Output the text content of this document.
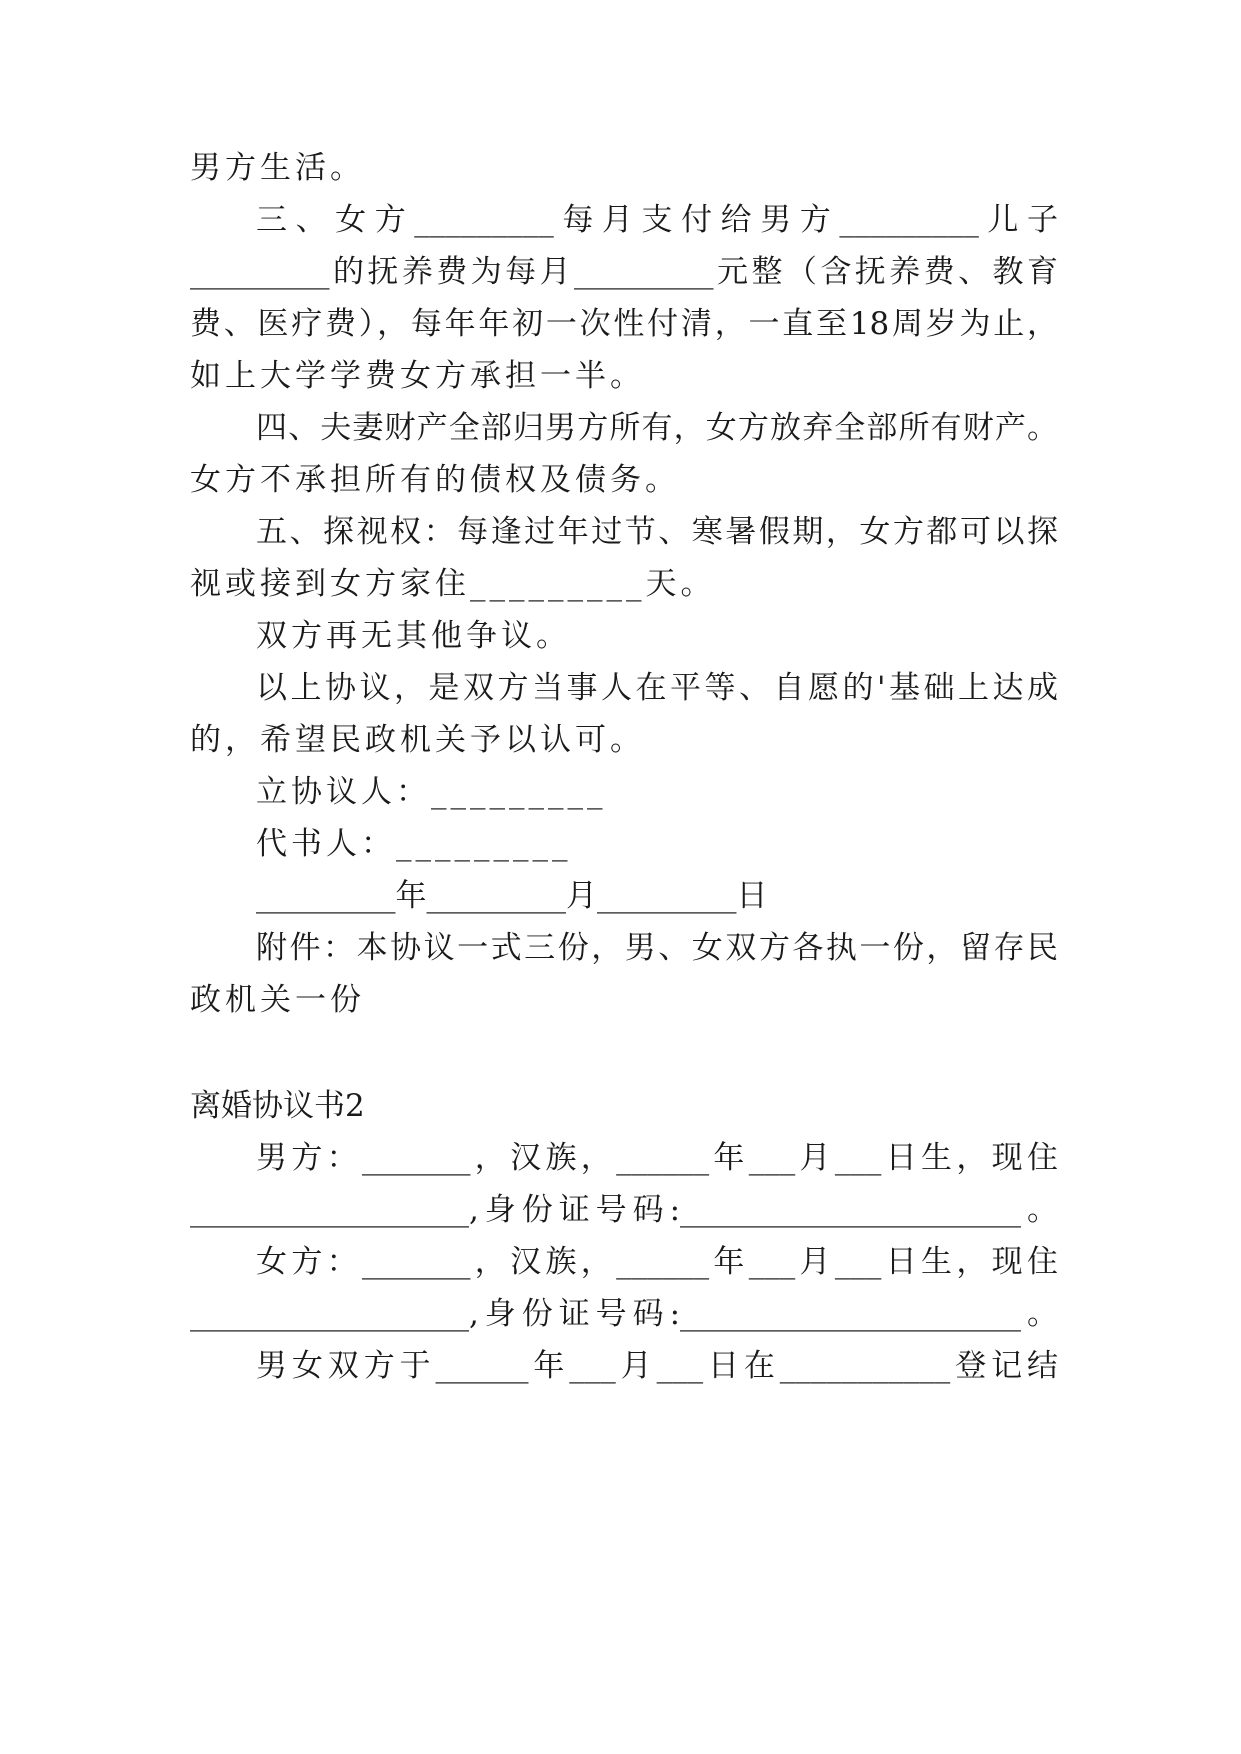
男方生活。

三、女方_________每月支付给男方_________儿子

_________的抚养费为每月_________元整（含抚养费、教育

费、医疗费），每年年初一次性付清，一直至18周岁为止，

如上大学学费女方承担一半。

四、夫妻财产全部归男方所有，女方放弃全部所有财产。

女方不承担所有的债权及债务。

五、探视权：每逢过年过节、寒暑假期，女方都可以探

视或接到女方家住_________天。

双方再无其他争议。

以上协议，是双方当事人在平等、自愿的'基础上达成

的，希望民政机关予以认可。

立协议人：_________

代书人：_________

_________年_________月_________日

附件：本协议一式三份，男、女双方各执一份，留存民

政机关一份

离婚协议书2

男方：_______，汉族，______年___月___日生，现住

__________________,身份证号码:______________________。

女方：_______，汉族，______年___月___日生，现住

__________________,身份证号码:______________________。

男女双方于______年___月___日在___________登记结
